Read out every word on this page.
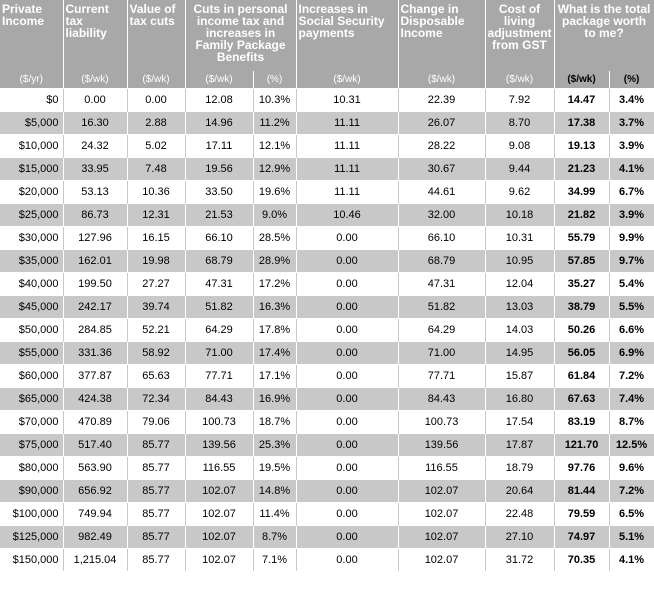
Private Income	Current tax liability	Value of tax cuts	Cuts in personal income tax and increases in Family Package Benefits		Increases in Social Security payments	Change in Disposable Income	Cost of living adjustment from GST	What is the total package worth to me?	
($/yr)	($/wk)	($/wk)	($/wk)	(%)	($/wk)	($/wk)	($/wk)	($/wk)	(%)
$0	0.00	0.00	12.08	10.3%	10.31	22.39	7.92	14.47	3.4%
$5,000	16.30	2.88	14.96	11.2%	11.11	26.07	8.70	17.38	3.7%
$10,000	24.32	5.02	17.11	12.1%	11.11	28.22	9.08	19.13	3.9%
$15,000	33.95	7.48	19.56	12.9%	11.11	30.67	9.44	21.23	4.1%
$20,000	53.13	10.36	33.50	19.6%	11.11	44.61	9.62	34.99	6.7%
$25,000	86.73	12.31	21.53	9.0%	10.46	32.00	10.18	21.82	3.9%
$30,000	127.96	16.15	66.10	28.5%	0.00	66.10	10.31	55.79	9.9%
$35,000	162.01	19.98	68.79	28.9%	0.00	68.79	10.95	57.85	9.7%
$40,000	199.50	27.27	47.31	17.2%	0.00	47.31	12.04	35.27	5.4%
$45,000	242.17	39.74	51.82	16.3%	0.00	51.82	13.03	38.79	5.5%
$50,000	284.85	52.21	64.29	17.8%	0.00	64.29	14.03	50.26	6.6%
$55,000	331.36	58.92	71.00	17.4%	0.00	71.00	14.95	56.05	6.9%
$60,000	377.87	65.63	77.71	17.1%	0.00	77.71	15.87	61.84	7.2%
$65,000	424.38	72.34	84.43	16.9%	0.00	84.43	16.80	67.63	7.4%
$70,000	470.89	79.06	100.73	18.7%	0.00	100.73	17.54	83.19	8.7%
$75,000	517.40	85.77	139.56	25.3%	0.00	139.56	17.87	121.70	12.5%
$80,000	563.90	85.77	116.55	19.5%	0.00	116.55	18.79	97.76	9.6%
$90,000	656.92	85.77	102.07	14.8%	0.00	102.07	20.64	81.44	7.2%
$100,000	749.94	85.77	102.07	11.4%	0.00	102.07	22.48	79.59	6.5%
$125,000	982.49	85.77	102.07	8.7%	0.00	102.07	27.10	74.97	5.1%
$150,000	1,215.04	85.77	102.07	7.1%	0.00	102.07	31.72	70.35	4.1%
